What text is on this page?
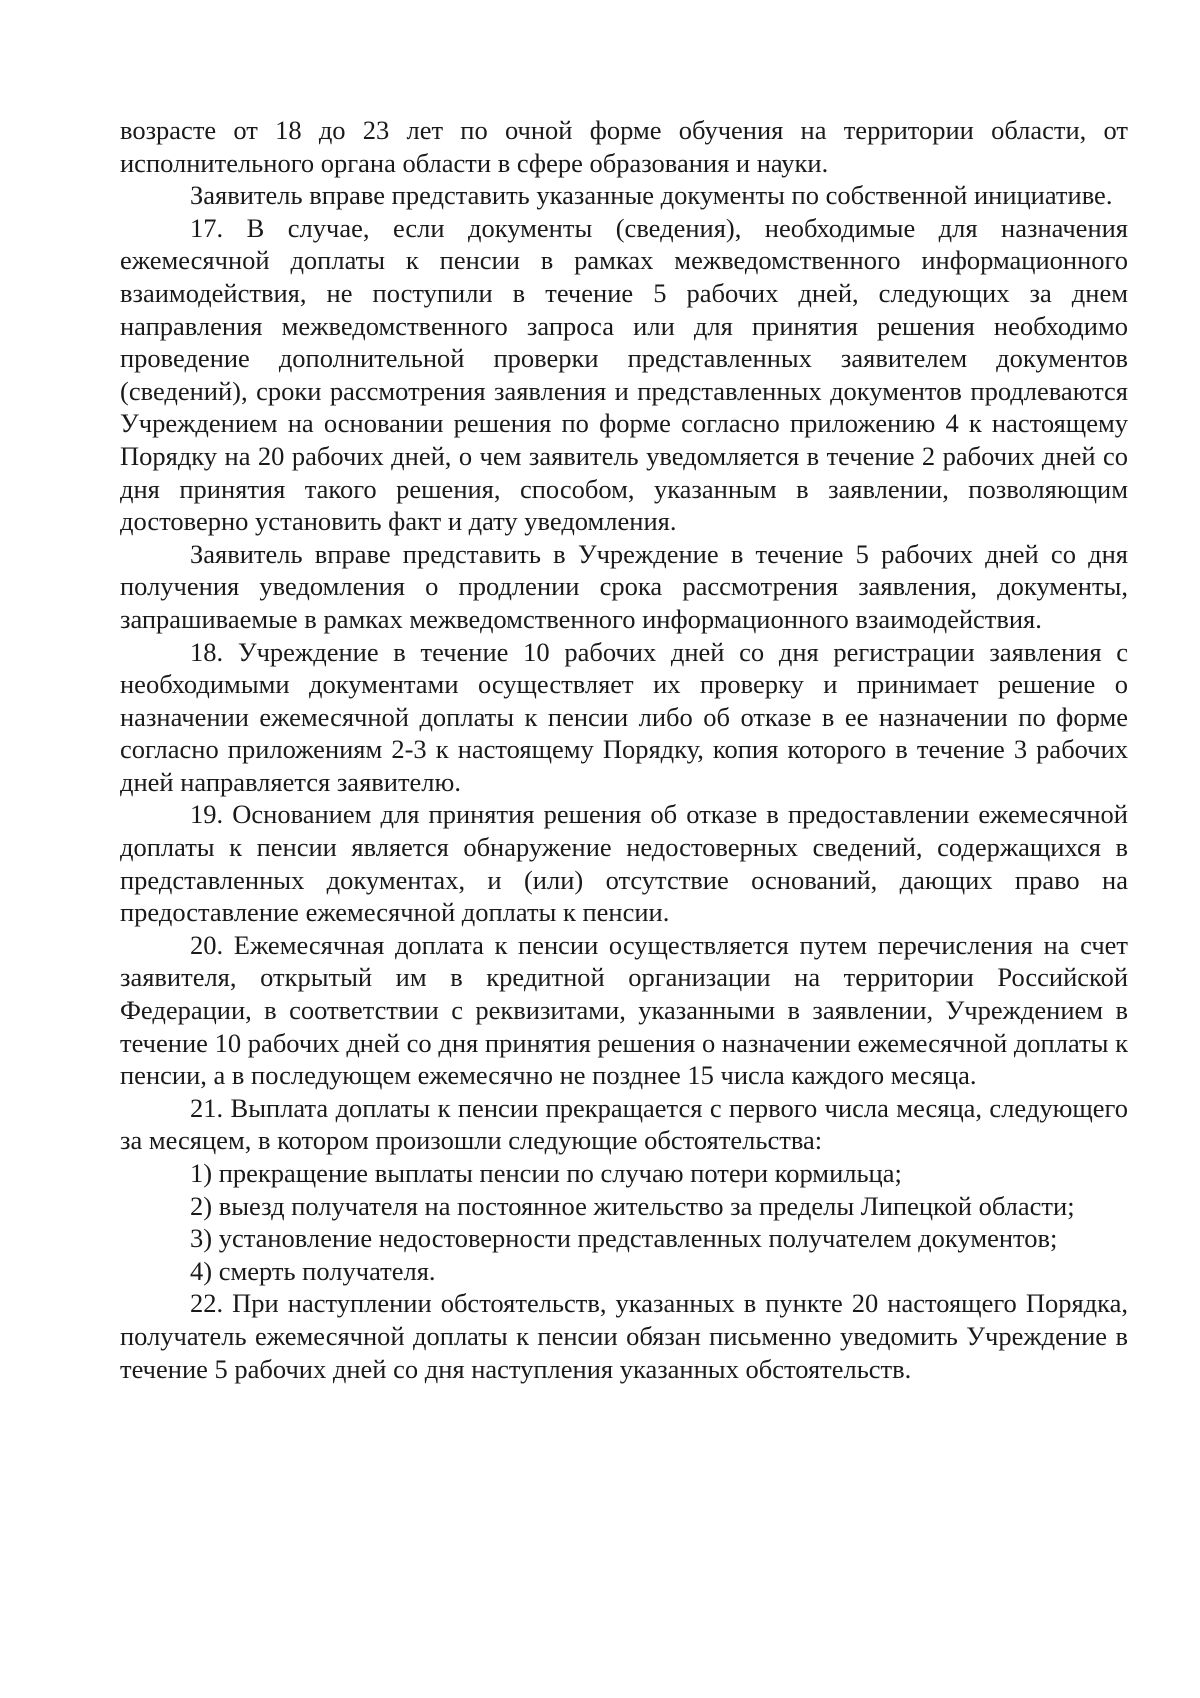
возрасте от 18 до 23 лет по очной форме обучения на территории области, от исполнительного органа области в сфере образования и науки.

Заявитель вправе представить указанные документы по собственной инициативе.

17. В случае, если документы (сведения), необходимые для назначения ежемесячной доплаты к пенсии в рамках межведомственного информационного взаимодействия, не поступили в течение 5 рабочих дней, следующих за днем направления межведомственного запроса или для принятия решения необходимо проведение дополнительной проверки представленных заявителем документов (сведений), сроки рассмотрения заявления и представленных документов продлеваются Учреждением на основании решения по форме согласно приложению 4 к настоящему Порядку на 20 рабочих дней, о чем заявитель уведомляется в течение 2 рабочих дней со дня принятия такого решения, способом, указанным в заявлении, позволяющим достоверно установить факт и дату уведомления.

Заявитель вправе представить в Учреждение в течение 5 рабочих дней со дня получения уведомления о продлении срока рассмотрения заявления, документы, запрашиваемые в рамках межведомственного информационного взаимодействия.

18. Учреждение в течение 10 рабочих дней со дня регистрации заявления с необходимыми документами осуществляет их проверку и принимает решение о назначении ежемесячной доплаты к пенсии либо об отказе в ее назначении по форме согласно приложениям 2-3 к настоящему Порядку, копия которого в течение 3 рабочих дней направляется заявителю.

19. Основанием для принятия решения об отказе в предоставлении ежемесячной доплаты к пенсии является обнаружение недостоверных сведений, содержащихся в представленных документах, и (или) отсутствие оснований, дающих право на предоставление ежемесячной доплаты к пенсии.

20. Ежемесячная доплата к пенсии осуществляется путем перечисления на счет заявителя, открытый им в кредитной организации на территории Российской Федерации, в соответствии с реквизитами, указанными в заявлении, Учреждением в течение 10 рабочих дней со дня принятия решения о назначении ежемесячной доплаты к пенсии, а в последующем ежемесячно не позднее 15 числа каждого месяца.

21. Выплата доплаты к пенсии прекращается с первого числа месяца, следующего за месяцем, в котором произошли следующие обстоятельства:

1) прекращение выплаты пенсии по случаю потери кормильца;

2) выезд получателя на постоянное жительство за пределы Липецкой области;

3) установление недостоверности представленных получателем документов;

4) смерть получателя.

22. При наступлении обстоятельств, указанных в пункте 20 настоящего Порядка, получатель ежемесячной доплаты к пенсии обязан письменно уведомить Учреждение в течение 5 рабочих дней со дня наступления указанных обстоятельств.
